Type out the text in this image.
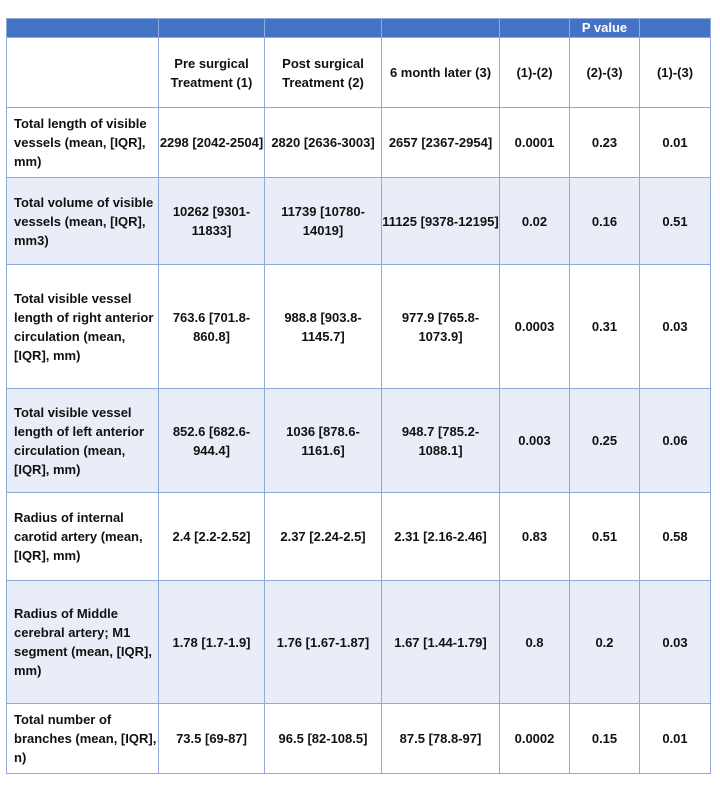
					P value	
	Pre surgical Treatment (1)	Post surgical Treatment (2)	6 month later (3)	(1)-(2)	(2)-(3)	(1)-(3)
Total length of visible vessels (mean, [IQR], mm)	2298 [2042-2504]	2820 [2636-3003]	2657 [2367-2954]	0.0001	0.23	0.01
Total volume of visible vessels (mean, [IQR], mm3)	10262 [9301-11833]	11739 [10780-14019]	11125 [9378-12195]	0.02	0.16	0.51
Total visible vessel length of right anterior circulation (mean, [IQR], mm)	763.6 [701.8-860.8]	988.8 [903.8-1145.7]	977.9 [765.8-1073.9]	0.0003	0.31	0.03
Total visible vessel length of left anterior circulation (mean, [IQR], mm)	852.6 [682.6-944.4]	1036 [878.6-1161.6]	948.7 [785.2-1088.1]	0.003	0.25	0.06
Radius of internal carotid artery (mean, [IQR], mm)	2.4 [2.2-2.52]	2.37 [2.24-2.5]	2.31 [2.16-2.46]	0.83	0.51	0.58
Radius of Middle cerebral artery; M1 segment (mean, [IQR], mm)	1.78 [1.7-1.9]	1.76 [1.67-1.87]	1.67 [1.44-1.79]	0.8	0.2	0.03
Total number of branches (mean, [IQR], n)	73.5 [69-87]	96.5 [82-108.5]	87.5 [78.8-97]	0.0002	0.15	0.01
